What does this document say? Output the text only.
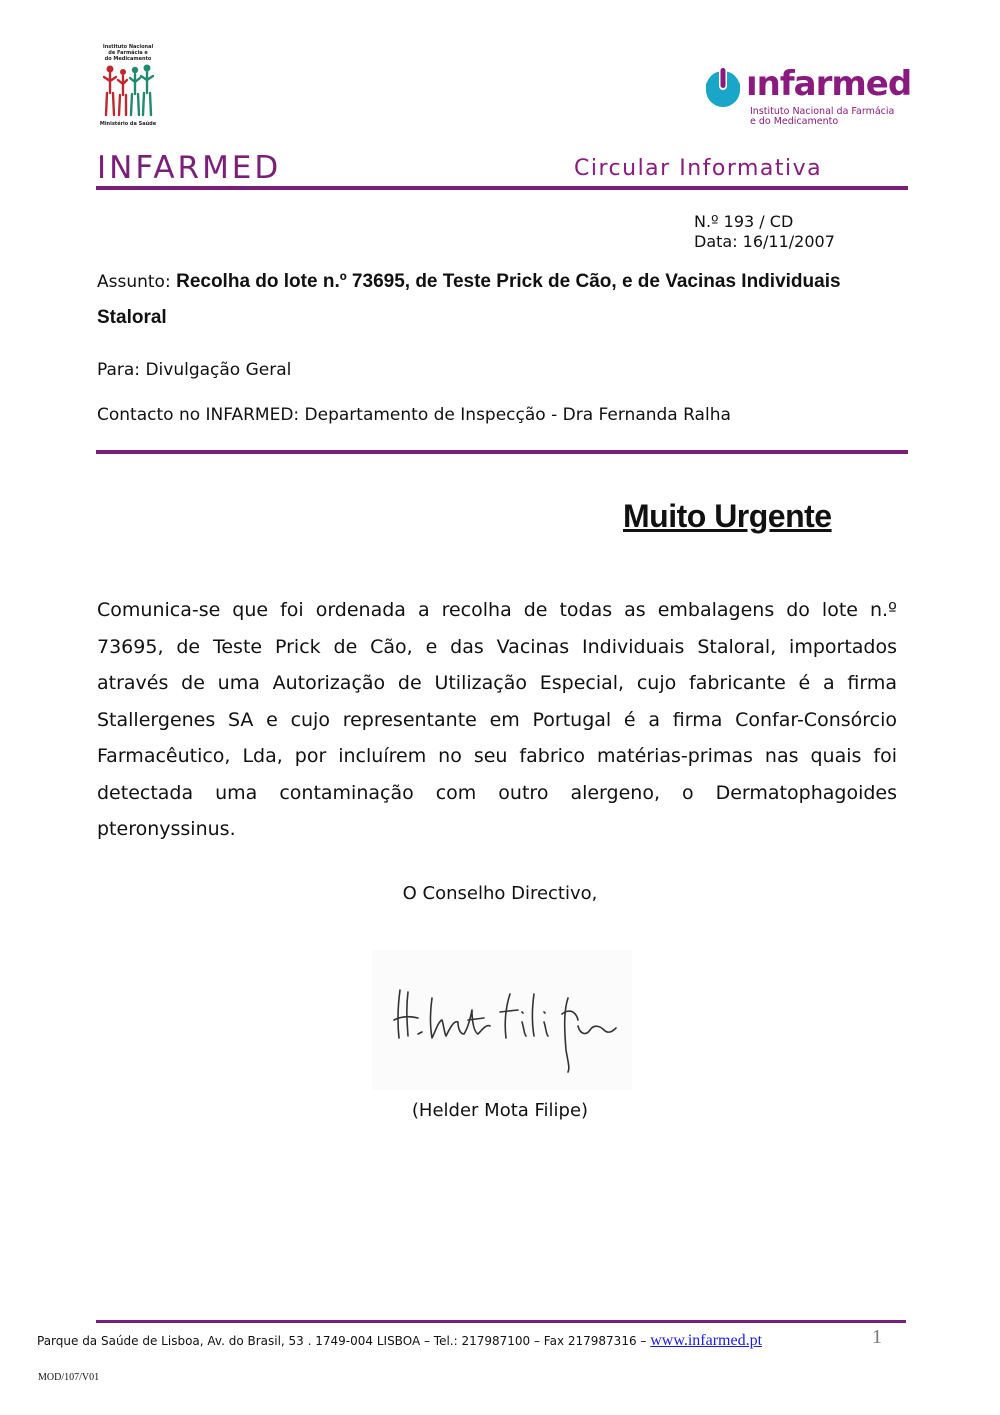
Instituto Nacional
de Farmácia e
do Medicamento
Ministério da Saúde
ınfarmed
Instituto Nacional da Farmácia
e do Medicamento
INFARMED	Circular Informativa
N.º 193 / CD
Data: 16/11/2007
Assunto: Recolha do lote n.º 73695, de Teste Prick de Cão, e de Vacinas Individuais Staloral
Para: Divulgação Geral
Contacto no INFARMED: Departamento de Inspecção - Dra Fernanda Ralha
Muito Urgente
Comunica-se que foi ordenada a recolha de todas as embalagens do lote n.º 73695, de Teste Prick de Cão, e das Vacinas Individuais Staloral, importados através de uma Autorização de Utilização Especial, cujo fabricante é a firma Stallergenes SA e cujo representante em Portugal é a firma Confar-Consórcio Farmacêutico, Lda, por incluírem no seu fabrico matérias-primas nas quais foi detectada uma contaminação com outro alergeno, o Dermatophagoides pteronyssinus.
O Conselho Directivo,
(Helder Mota Filipe)
Parque da Saúde de Lisboa, Av. do Brasil, 53 . 1749-004 LISBOA – Tel.: 217987100 – Fax 217987316 – www.infarmed.pt	1
MOD/107/V01
